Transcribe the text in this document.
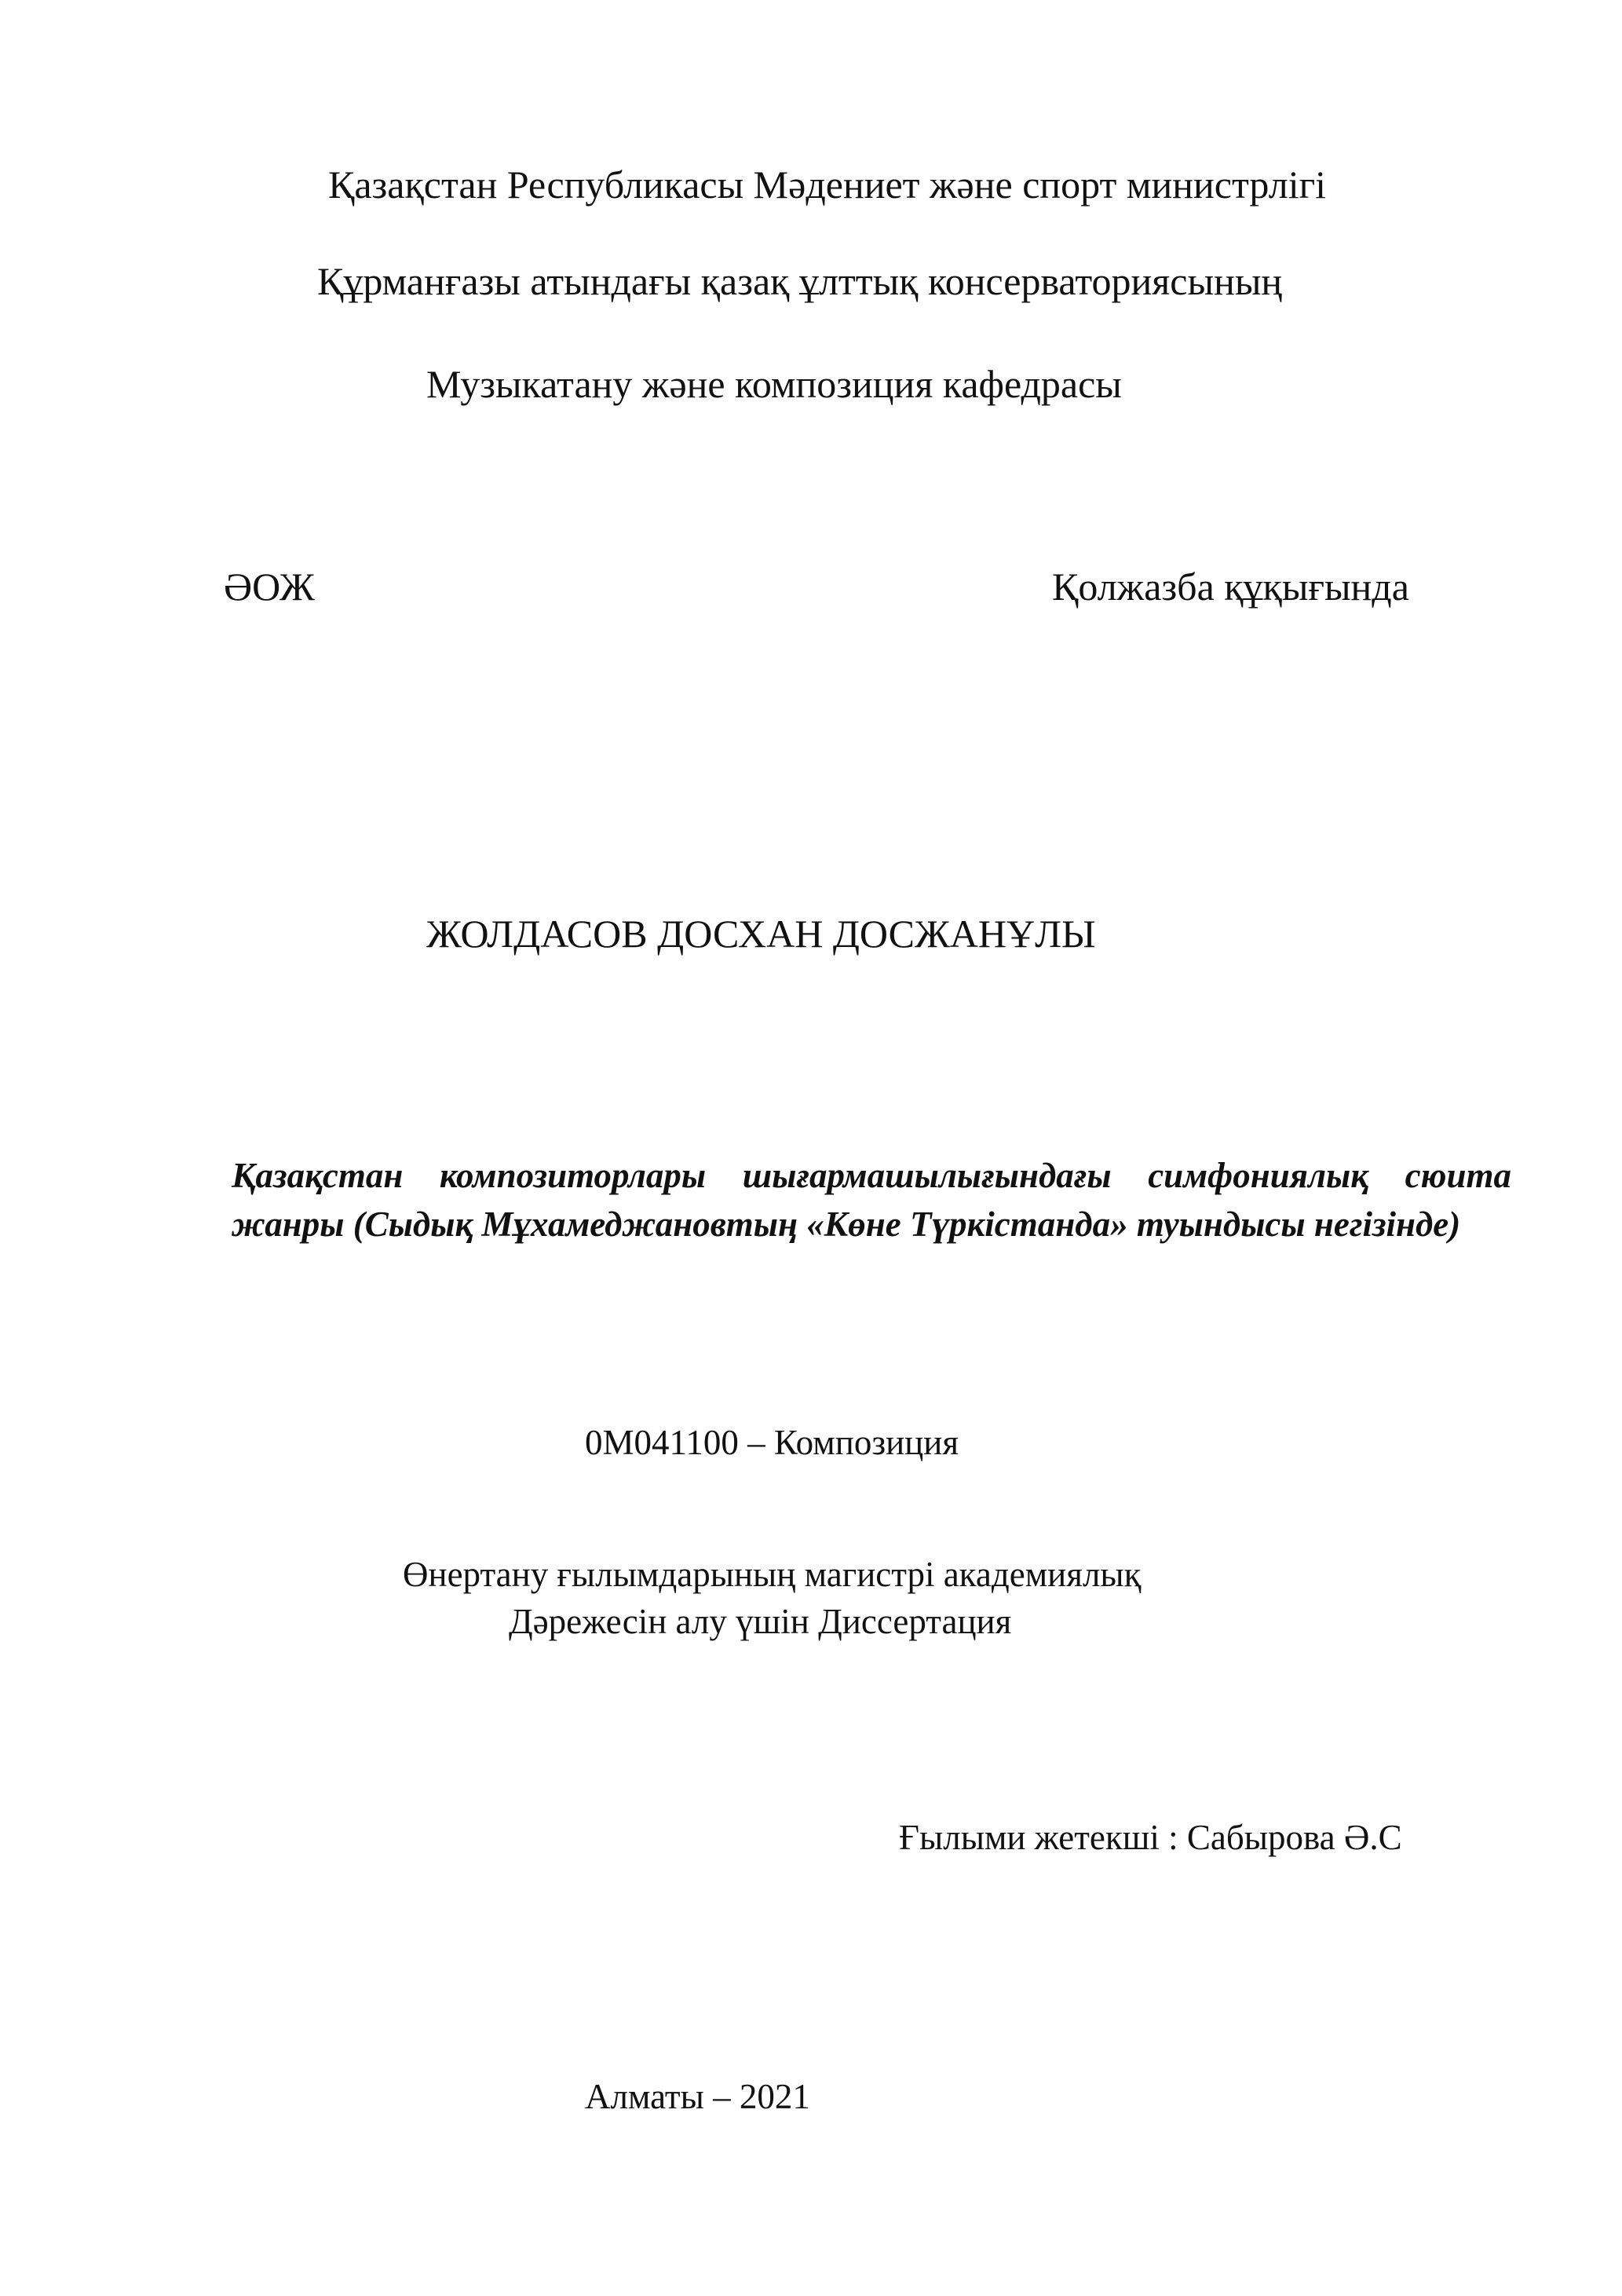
Қазақстан Республикасы Мәдениет және спорт министрлігі
Құрманғазы атындағы қазақ ұлттық консерваториясының
Музыкатану және композиция кафедрасы
ӘОЖ	Қолжазба құқығында
ЖОЛДАСОВ ДОСХАН ДОСЖАНҰЛЫ

Қазақстан композиторлары шығармашылығындағы симфониялық сюита жанры (Сыдық Мұхамеджановтың «Көне Түркістанда» туындысы негізінде)

0М041100 – Композиция
Өнертану ғылымдарының магистрі академиялық
Дәрежесін алу үшін Диссертация
Ғылыми жетекші : Сабырова Ә.С
Алматы – 2021
